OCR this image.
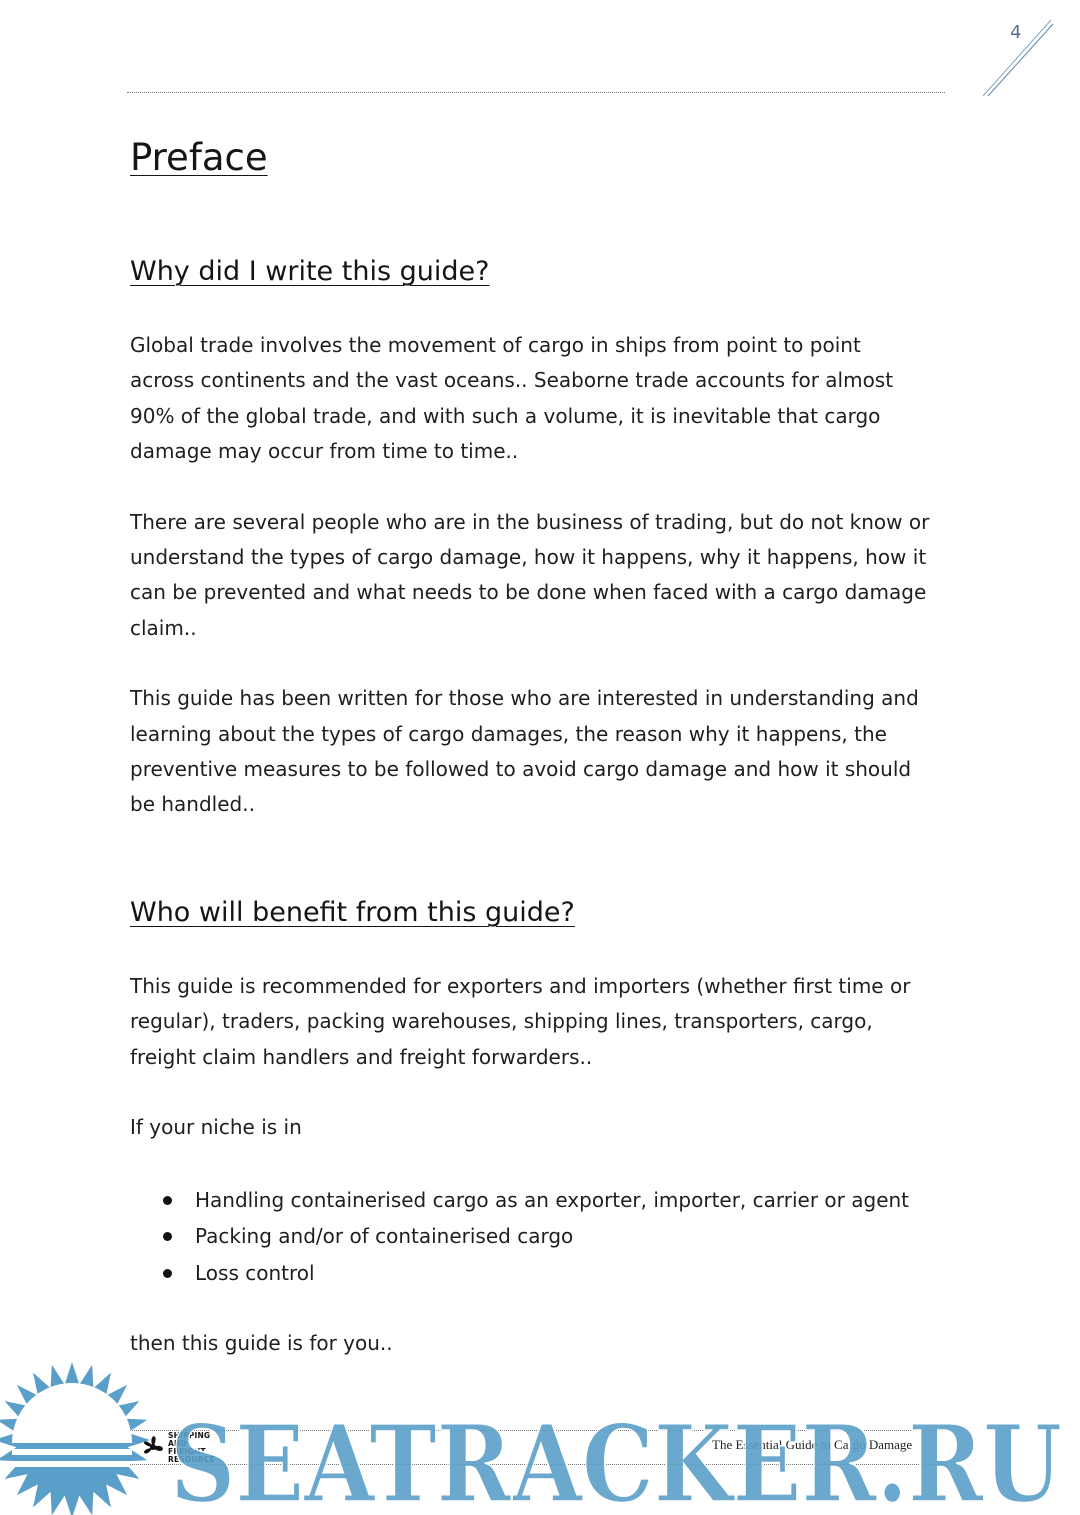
4
Preface
Why did I write this guide?

Global trade involves the movement of cargo in ships from point to point across continents and the vast oceans.. Seaborne trade accounts for almost 90% of the global trade, and with such a volume, it is inevitable that cargo damage may occur from time to time..

There are several people who are in the business of trading, but do not know or understand the types of cargo damage, how it happens, why it happens, how it can be prevented and what needs to be done when faced with a cargo damage claim..

This guide has been written for those who are interested in understanding and learning about the types of cargo damages, the reason why it happens, the preventive measures to be followed to avoid cargo damage and how it should be handled..

Who will benefit from this guide?

This guide is recommended for exporters and importers (whether first time or regular), traders, packing warehouses, shipping lines, transporters, cargo, freight claim handlers and freight forwarders..

If your niche is in

Handling containerised cargo as an exporter, importer, carrier or agent
Packing and/or of containerised cargo
Loss control

then this guide is for you..

SHIPPING
AND
FREIGHT
RESOURCE
The Essential Guide to Cargo Damage
SEATRACKER.RU
